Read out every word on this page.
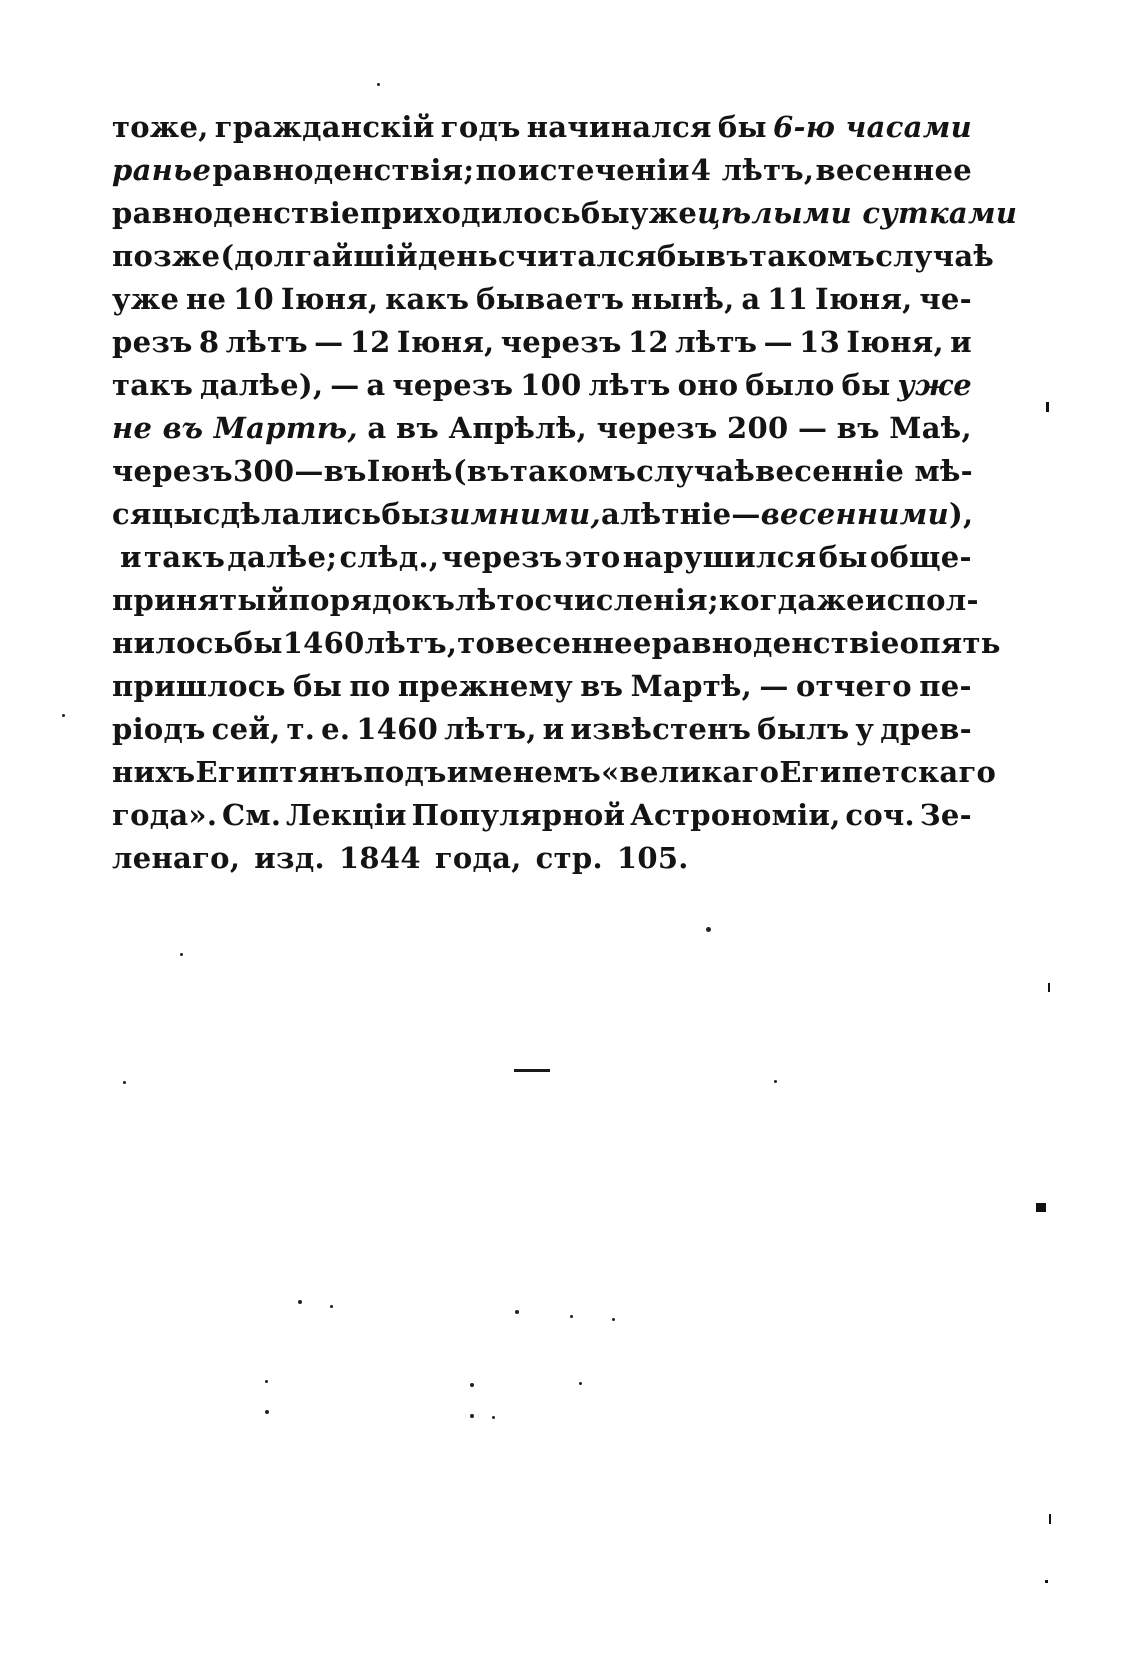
тоже, гражданскій годъ начинался бы 6-ю часами
раньe равноденствія; по истеченіи 4 лѣтъ, весеннее
равноденствіе приходилось бы уже цѣлыми сутками
позже (долгайшій день считался бы въ такомъ случаѣ
уже не 10 Іюня, какъ бываетъ нынѣ, а 11 Іюня, че-
резъ 8 лѣтъ — 12 Іюня, черезъ 12 лѣтъ — 13 Іюня, и
такъ далѣе), — а черезъ 100 лѣтъ оно было бы уже
не въ Мартѣ, а въ Апрѣлѣ, черезъ 200 — въ Маѣ,
черезъ 300 — въ Іюнѣ (въ такомъ случаѣ весенніе мѣ-
сяцы сдѣлались бы зимними, а лѣтніе — весенними ),
и такъ далѣе; слѣд., черезъ это нарушился бы обще-
принятый порядокъ лѣтосчисленія; когда же испол-
нилось бы 1460 лѣтъ, то весеннее равноденствіе опять
пришлось бы по прежнему въ Мартѣ, — отчего пе-
ріодъ сей, т. е. 1460 лѣтъ, и извѣстенъ былъ у древ-
нихъ Египтянъ подъ именемъ «великаго Египетскаго
года». См. Лекціи Популярной Астрономіи, соч. Зе-
ленаго, изд. 1844 года, стр. 105.
